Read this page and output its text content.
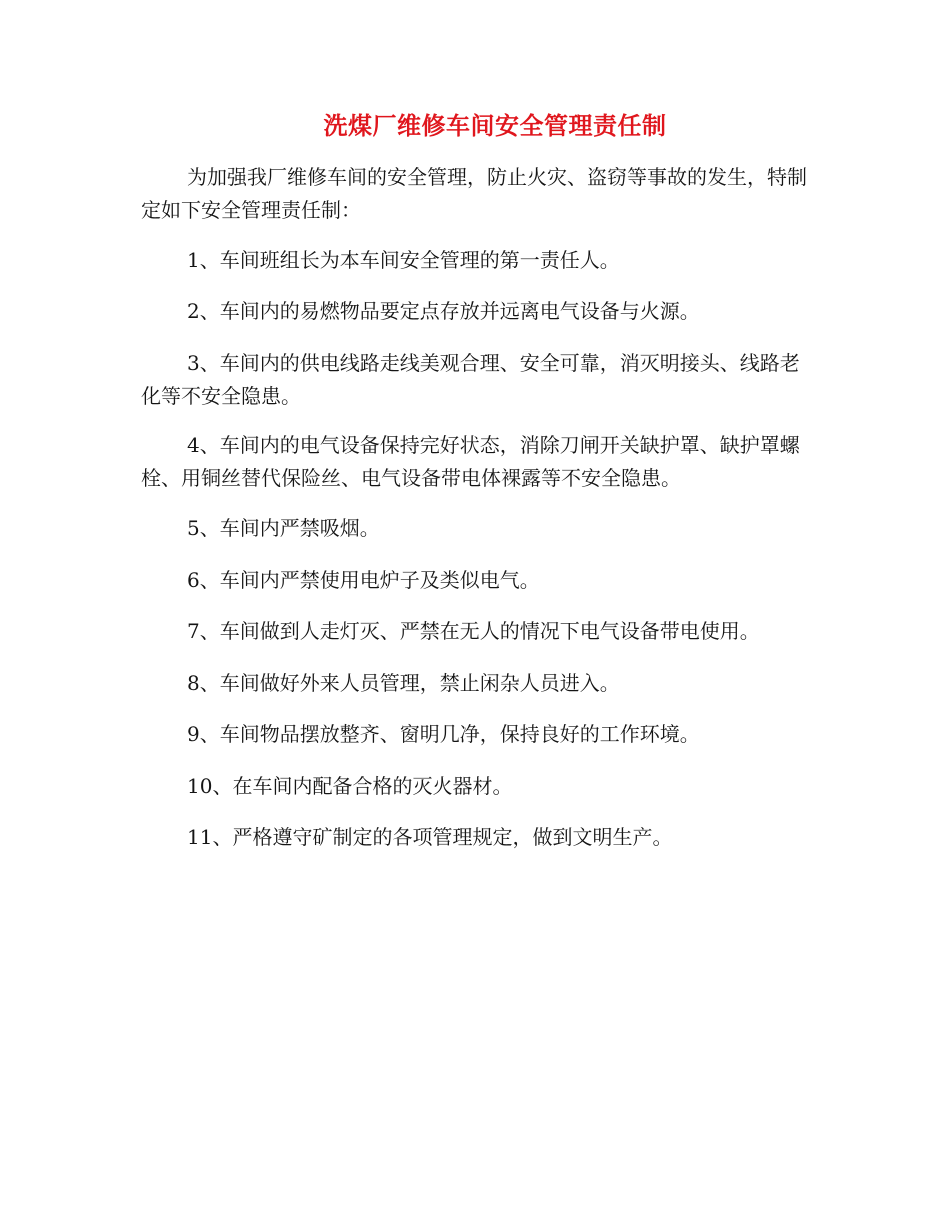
洗煤厂维修车间安全管理责任制

为加强我厂维修车间的安全管理，防止火灾、盗窃等事故的发生，特制定如下安全管理责任制：

1、车间班组长为本车间安全管理的第一责任人。

2、车间内的易燃物品要定点存放并远离电气设备与火源。

3、车间内的供电线路走线美观合理、安全可靠，消灭明接头、线路老化等不安全隐患。

4、车间内的电气设备保持完好状态，消除刀闸开关缺护罩、缺护罩螺栓、用铜丝替代保险丝、电气设备带电体裸露等不安全隐患。

5、车间内严禁吸烟。

6、车间内严禁使用电炉子及类似电气。

7、车间做到人走灯灭、严禁在无人的情况下电气设备带电使用。

8、车间做好外来人员管理，禁止闲杂人员进入。

9、车间物品摆放整齐、窗明几净，保持良好的工作环境。

10、在车间内配备合格的灭火器材。

11、严格遵守矿制定的各项管理规定，做到文明生产。
